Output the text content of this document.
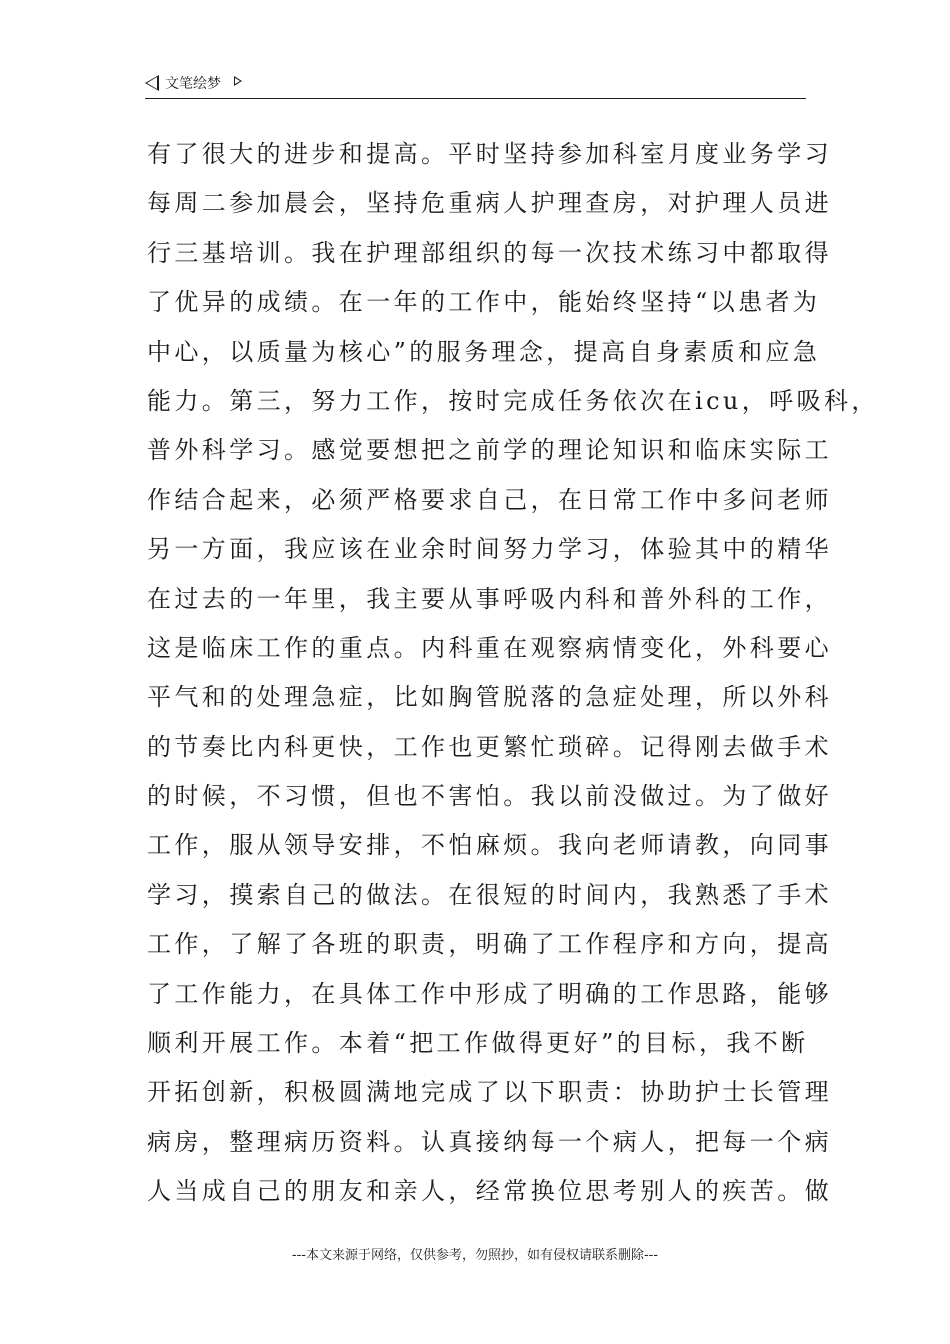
文笔绘梦
有了很大的进步和提高。平时坚持参加科室月度业务学习
每周二参加晨会，坚持危重病人护理查房，对护理人员进
行三基培训。我在护理部组织的每一次技术练习中都取得
了优异的成绩。在一年的工作中，能始终坚持“以患者为
中心，以质量为核心”的服务理念，提高自身素质和应急
能力。第三，努力工作，按时完成任务依次在icu，呼吸科，
普外科学习。感觉要想把之前学的理论知识和临床实际工
作结合起来，必须严格要求自己，在日常工作中多问老师
另一方面，我应该在业余时间努力学习，体验其中的精华
在过去的一年里，我主要从事呼吸内科和普外科的工作，
这是临床工作的重点。内科重在观察病情变化，外科要心
平气和的处理急症，比如胸管脱落的急症处理，所以外科
的节奏比内科更快，工作也更繁忙琐碎。记得刚去做手术
的时候，不习惯，但也不害怕。我以前没做过。为了做好
工作，服从领导安排，不怕麻烦。我向老师请教，向同事
学习，摸索自己的做法。在很短的时间内，我熟悉了手术
工作，了解了各班的职责，明确了工作程序和方向，提高
了工作能力，在具体工作中形成了明确的工作思路，能够
顺利开展工作。本着“把工作做得更好”的目标，我不断
开拓创新，积极圆满地完成了以下职责：协助护士长管理
病房，整理病历资料。认真接纳每一个病人，把每一个病
人当成自己的朋友和亲人，经常换位思考别人的疾苦。做
---本文来源于网络，仅供参考，勿照抄，如有侵权请联系删除---
